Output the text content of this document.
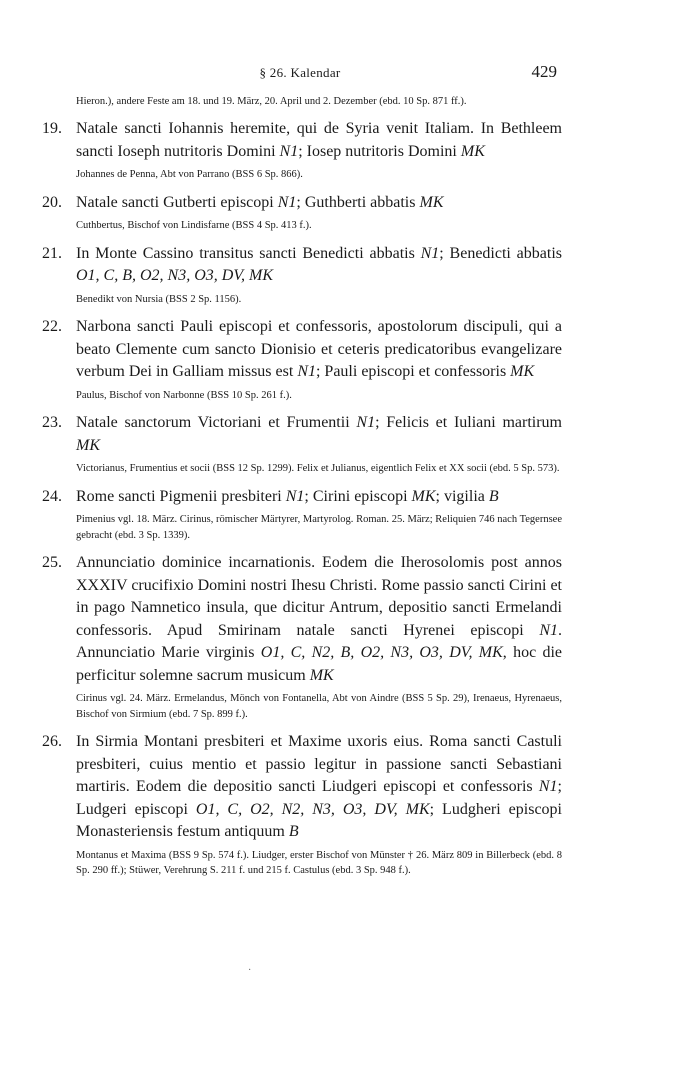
§ 26. Kalendar	429

Hieron.), andere Feste am 18. und 19. März, 20. April und 2. Dezember (ebd. 10 Sp. 871 ff.).

19. Natale sancti Iohannis heremite, qui de Syria venit Italiam. In Bethleem sancti Ioseph nutritoris Domini N1; Iosep nutritoris Domini MK
Johannes de Penna, Abt von Parrano (BSS 6 Sp. 866).
20. Natale sancti Gutberti episcopi N1; Guthberti abbatis MK
Cuthbertus, Bischof von Lindisfarne (BSS 4 Sp. 413 f.).
21. In Monte Cassino transitus sancti Benedicti abbatis N1; Benedicti abbatis O1, C, B, O2, N3, O3, DV, MK
Benedikt von Nursia (BSS 2 Sp. 1156).
22. Narbona sancti Pauli episcopi et confessoris, apostolorum discipuli, qui a beato Clemente cum sancto Dionisio et ceteris predicatoribus evangelizare verbum Dei in Galliam missus est N1; Pauli episcopi et confessoris MK
Paulus, Bischof von Narbonne (BSS 10 Sp. 261 f.).
23. Natale sanctorum Victoriani et Frumentii N1; Felicis et Iuliani martirum MK
Victorianus, Frumentius et socii (BSS 12 Sp. 1299). Felix et Julianus, eigentlich Felix et XX socii (ebd. 5 Sp. 573).
24. Rome sancti Pigmenii presbiteri N1; Cirini episcopi MK; vigilia B
Pimenius vgl. 18. März. Cirinus, römischer Märtyrer, Martyrolog. Roman. 25. März; Reliquien 746 nach Tegernsee gebracht (ebd. 3 Sp. 1339).
25. Annunciatio dominice incarnationis. Eodem die Iherosolomis post annos XXXIV crucifixio Domini nostri Ihesu Christi. Rome passio sancti Cirini et in pago Namnetico insula, que dicitur Antrum, depositio sancti Ermelandi confessoris. Apud Smirinam natale sancti Hyrenei episcopi N1. Annunciatio Marie virginis O1, C, N2, B, O2, N3, O3, DV, MK, hoc die perficitur solemne sacrum musicum MK
Cirinus vgl. 24. März. Ermelandus, Mönch von Fontanella, Abt von Aindre (BSS 5 Sp. 29), Irenaeus, Hyrenaeus, Bischof von Sirmium (ebd. 7 Sp. 899 f.).
26. In Sirmia Montani presbiteri et Maxime uxoris eius. Roma sancti Castuli presbiteri, cuius mentio et passio legitur in passione sancti Sebastiani martiris. Eodem die depositio sancti Liudgeri episcopi et confessoris N1; Ludgeri episcopi O1, C, O2, N2, N3, O3, DV, MK; Ludgheri episcopi Monasteriensis festum antiquum B
Montanus et Maxima (BSS 9 Sp. 574 f.). Liudger, erster Bischof von Münster † 26. März 809 in Billerbeck (ebd. 8 Sp. 290 ff.); Stüwer, Verehrung S. 211 f. und 215 f. Castulus (ebd. 3 Sp. 948 f.).
·
